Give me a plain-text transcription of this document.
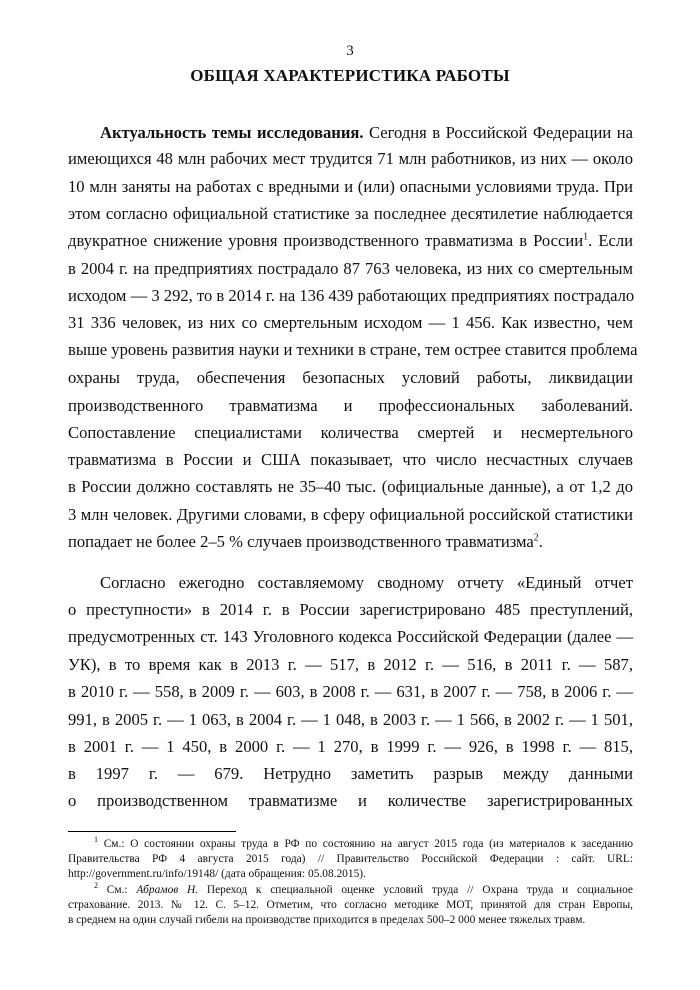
3
ОБЩАЯ ХАРАКТЕРИСТИКА РАБОТЫ
Актуальность темы исследования. Сегодня в Российской Федерации на
имеющихся 48 млн рабочих мест трудится 71 млн работников, из них — около
10 млн заняты на работах с вредными и (или) опасными условиями труда. При
этом согласно официальной статистике за последнее десятилетие наблюдается
двукратное снижение уровня производственного травматизма в России$^1$. Если
в 2004 г. на предприятиях пострадало 87 763 человека, из них со смертельным
исходом — 3 292, то в 2014 г. на 136 439 работающих предприятиях пострадало
31 336 человек, из них со смертельным исходом — 1 456. Как известно, чем
выше уровень развития науки и техники в стране, тем острее ставится проблема
охраны труда, обеспечения безопасных условий работы, ликвидации
производственного травматизма и профессиональных заболеваний.
Сопоставление специалистами количества смертей и несмертельного
травматизма в России и США показывает, что число несчастных случаев
в России должно составлять не 35–40 тыс. (официальные данные), а от 1,2 до
3 млн человек. Другими словами, в сферу официальной российской статистики
попадает не более 2–5 % случаев производственного травматизма$^2$.
Согласно ежегодно составляемому сводному отчету «Единый отчет
о преступности» в 2014 г. в России зарегистрировано 485 преступлений,
предусмотренных ст. 143 Уголовного кодекса Российской Федерации (далее —
УК), в то время как в 2013 г. — 517, в 2012 г. — 516, в 2011 г. — 587,
в 2010 г. — 558, в 2009 г. — 603, в 2008 г. — 631, в 2007 г. — 758, в 2006 г. —
991, в 2005 г. — 1 063, в 2004 г. — 1 048, в 2003 г. — 1 566, в 2002 г. — 1 501,
в 2001 г. — 1 450, в 2000 г. — 1 270, в 1999 г. — 926, в 1998 г. — 815,
в 1997 г. — 679. Нетрудно заметить разрыв между данными
о производственном травматизме и количестве зарегистрированных
$^1$ См.: О состоянии охраны труда в РФ по состоянию на август 2015 года (из материалов к заседанию
Правительства РФ 4 августа 2015 года) // Правительство Российской Федерации : сайт. URL:
http://government.ru/info/19148/ (дата обращения: 05.08.2015).
$^2$ См.: Абрамов Н. Переход к специальной оценке условий труда // Охрана труда и социальное
страхование. 2013. № 12. С. 5–12. Отметим, что согласно методике МОТ, принятой для стран Европы,
в среднем на один случай гибели на производстве приходится в пределах 500–2 000 менее тяжелых травм.
